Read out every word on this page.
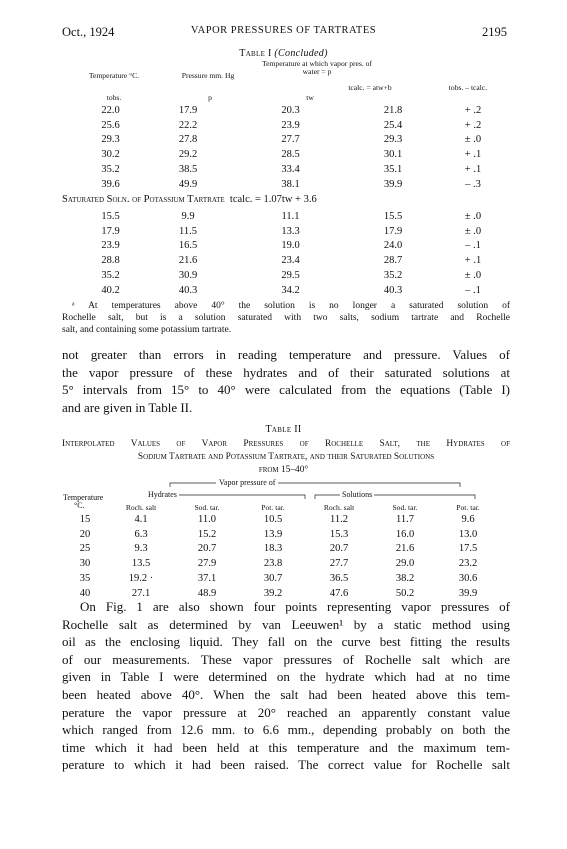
Oct., 1924	VAPOR PRESSURES OF TARTRATES	2195
Table I (Concluded)
Temperature at which vapor pres. of water = p
Temperature °C.	Pressure mm. Hg
tcalc. = atw+b	tobs. – tcalc.
tobs.	p	tw
22.0	17.9	20.3	21.8	+ .2
25.6	22.2	23.9	25.4	+ .2
29.3	27.8	27.7	29.3	± .0
30.2	29.2	28.5	30.1	+ .1
35.2	38.5	33.4	35.1	+ .1
39.6	49.9	38.1	39.9	– .3
Saturated Soln. of Potassium Tartrate tcalc. = 1.07tw + 3.6
15.5	9.9	11.1	15.5	± .0
17.9	11.5	13.3	17.9	± .0
23.9	16.5	19.0	24.0	– .1
28.8	21.6	23.4	28.7	+ .1
35.2	30.9	29.5	35.2	± .0
40.2	40.3	34.2	40.3	– .1
ᵃ At temperatures above 40° the solution is no longer a saturated solution of
Rochelle salt, but is a solution saturated with two salts, sodium tartrate and Rochelle
salt, and containing some potassium tartrate.
not greater than errors in reading temperature and pressure. Values of
the vapor pressure of these hydrates and of their saturated solutions at
5° intervals from 15° to 40° were calculated from the equations (Table I)
and are given in Table II.
Table II
Interpolated Values of Vapor Pressures of Rochelle Salt, the Hydrates of
Sodium Tartrate and Potassium Tartrate, and their Saturated Solutions
from 15–40°
Vapor pressure of
Hydrates	Solutions
Temperature
°C.
		Roch. salt	Sod. tar.	Pot. tar.	Roch. salt	Sod. tar.	Pot. tar.
15	4.1	11.0	10.5	11.2	11.7	9.6
20	6.3	15.2	13.9	15.3	16.0	13.0
25	9.3	20.7	18.3	20.7	21.6	17.5
30	13.5	27.9	23.8	27.7	29.0	23.2
35	19.2 ·	37.1	30.7	36.5	38.2	30.6
40	27.1	48.9	39.2	47.6	50.2	39.9
On Fig. 1 are also shown four points representing vapor pressures of
Rochelle salt as determined by van Leeuwen¹ by a static method using
oil as the enclosing liquid. They fall on the curve best fitting the results
of our measurements. These vapor pressures of Rochelle salt which are
given in Table I were determined on the hydrate which had at no time
been heated above 40°. When the salt had been heated above this tem-
perature the vapor pressure at 20° reached an apparently constant value
which ranged from 12.6 mm. to 6.6 mm., depending probably on both the
time which it had been held at this temperature and the maximum tem-
perature to which it had been raised. The correct value for Rochelle salt
